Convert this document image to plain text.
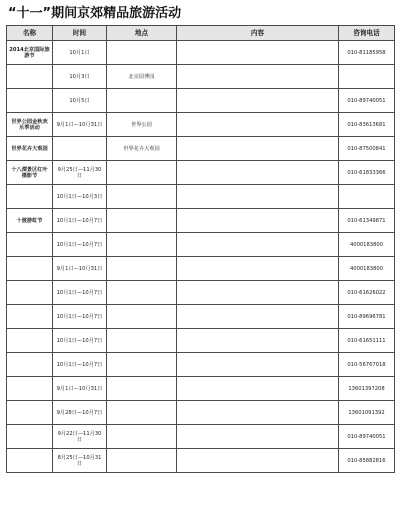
“十一”期间京郊精品旅游活动
名称	时间	地点	内容	咨询电话
2014北京国际旅游节	10月1日			010-81185958
	10月3日	北京园博园		
	10月5日			010-89740051
世界公园金秋欢乐季活动	9月1日—10月31日	世界公园		010-83613681
世界花卉大观园		世界花卉大观园		010-87500841
十八潭景区红叶摄影节	9月25日—11月30日			010-61833366
	10月1日—10月3日			
十渡游虹节	10月1日—10月7日			010-61349871
	10月1日—10月7日			4000183800
	9月1日—10月31日			4000183800
	10月1日—10月7日			010-61626022
	10月1日—10月7日			010-89696781
	10月1日—10月7日			010-61651111
	10月1日—10月7日			010-56767018
	9月1日—10月31日			13601397208
	9月28日—10月7日			13601091392
	9月22日—11月30日			010-89740051
	8月25日—10月31日			010-85882816
